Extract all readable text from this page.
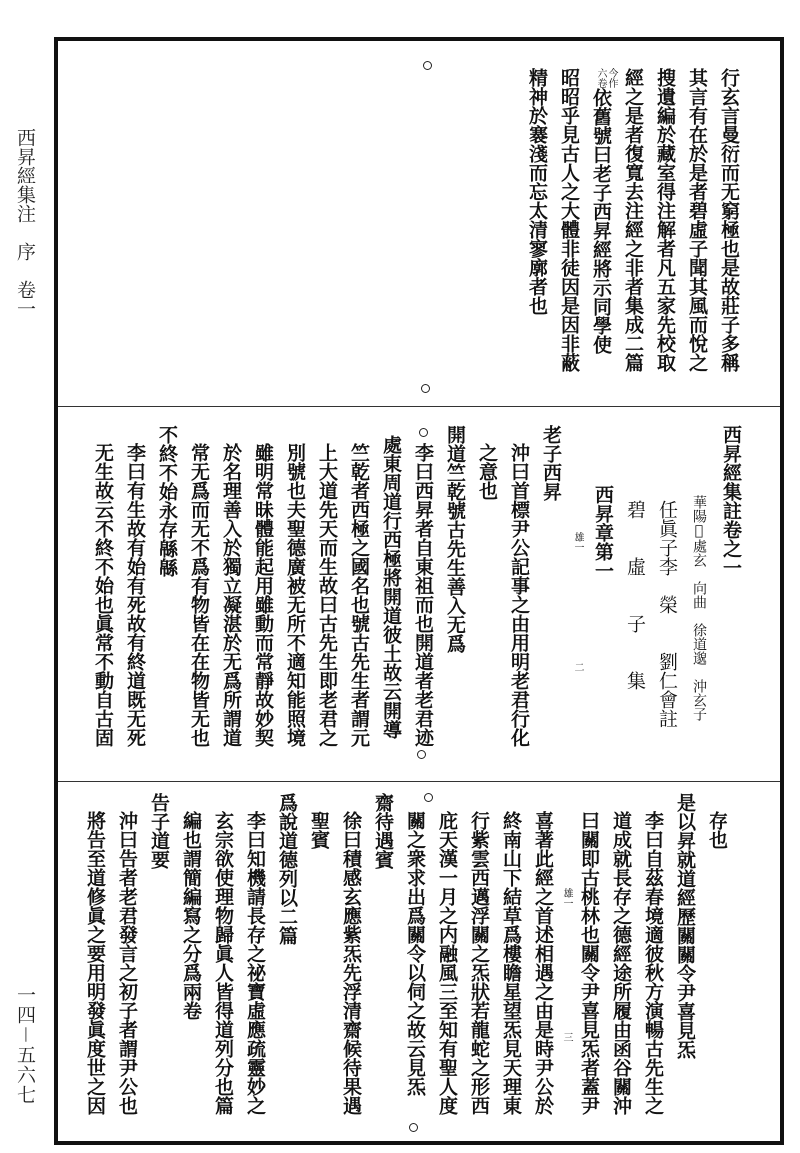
西昇經集注　序　卷一
一四－五六七
行玄言曼衍而无窮極也是故莊子多稱
其言有在於是者碧虛子聞其風而悅之
搜遺編於藏室得注解者凡五家先校取
經之是者復寬去注經之非者集成二篇
今作
六卷
依舊號曰老子西昇經將示同學使
昭昭乎見古人之大體非徒因是因非蔽
精神於褰淺而忘太清寥廓者也
西昇經集註卷之一
華陽𥨊處玄　向曲　徐道邈　沖玄子
任眞子李　榮　　劉仁會註
碧　　虛　　子　　集
西昇章第一
老子西昇
沖曰首標尹公記事之由用明老君行化
之意也
開道竺乾號古先生善入无爲
李曰西昇者自東祖而也開道者老君迹
處東周道行西極將開道彼土故云開導
竺乾者西極之國名也號古先生者謂元
上大道先天而生故曰古先生即老君之
別號也夫聖德廣被无所不適知能照境
雖明常昧體能起用雖動而常靜故妙契
於名理善入於獨立凝湛於无爲所謂道
常无爲而无不爲有物皆在在物皆无也
不終不始永存緜緜
李曰有生故有始有死故有終道既无死
无生故云不終不始也眞常不動自古固	雄一
二
存也
是以昇就道經歷關關令尹喜見炁
李曰自茲春境適彼秋方演暢古先生之
道成就長存之德經途所履由函谷關沖
曰關即古桃林也關令尹喜見炁者蓋尹
喜著此經之首述相遇之由是時尹公於
終南山下結草爲樓瞻星望炁見天理東
行紫雲西邁浮關之炁狀若龍蛇之形西
庇天漢一月之内融風三至知有聖人度
關之衆求出爲關令以伺之故云見炁
齋待遇賓
徐曰積感玄應紫炁先浮清齋候待果遇
聖賓
爲說道德列以二篇
李曰知機請長存之祕寶虛應疏靈妙之
玄宗欲使理物歸眞人皆得道列分也篇
編也謂簡編寫之分爲兩卷
告子道要
沖曰告者老君發言之初子者謂尹公也
將告至道修眞之要用明發眞度世之因	雄一
三
